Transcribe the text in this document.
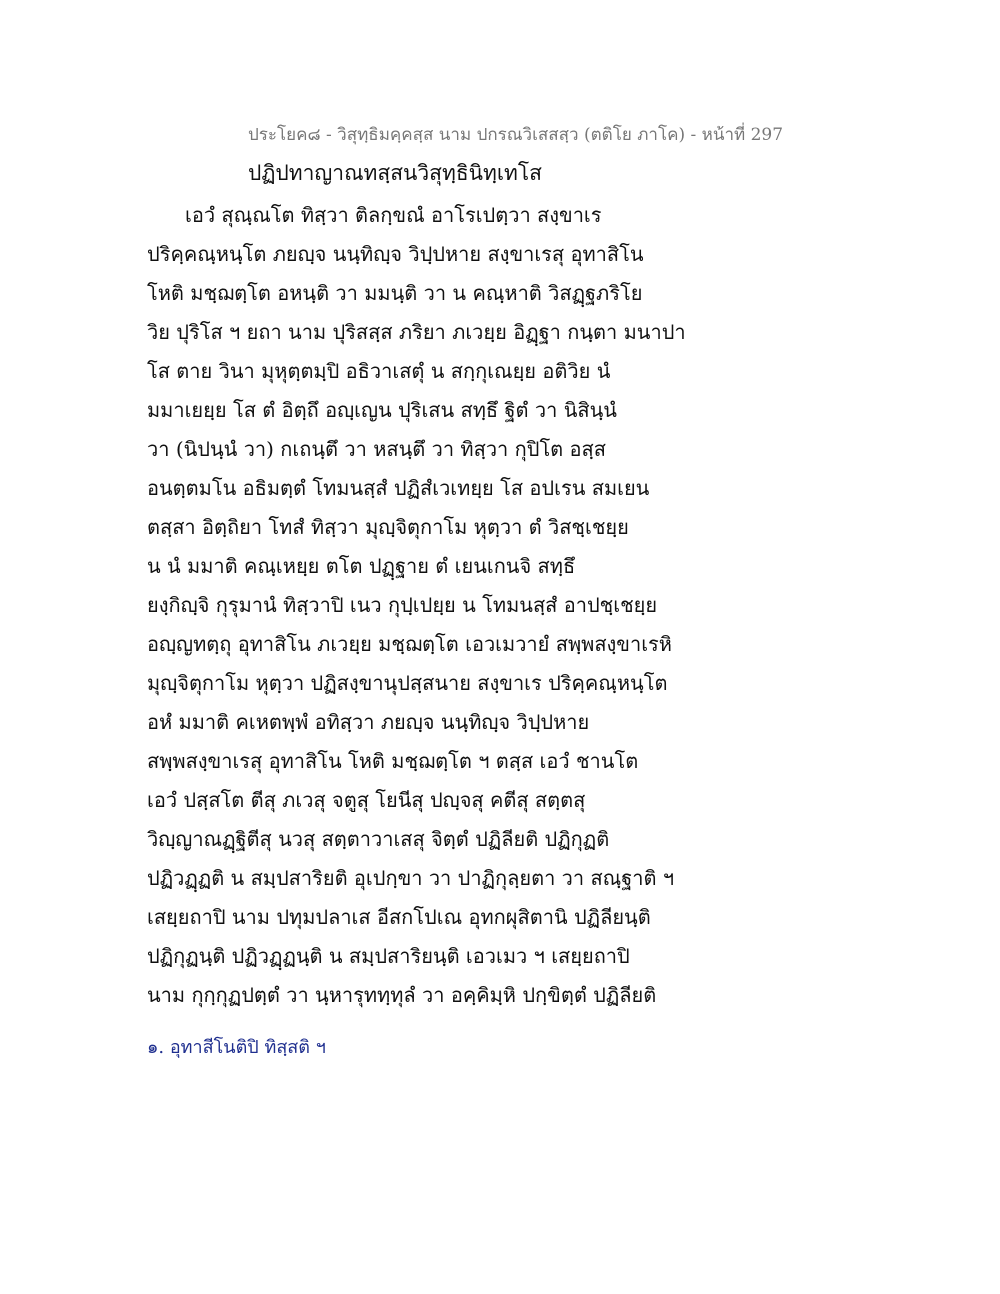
ประโยค๘ - วิสุทฺธิมคฺคสฺส นาม ปกรณวิเสสสฺว (ตติโย ภาโค) - หน้าที่ 297
ปฏิปทาญาณทสฺสนวิสุทฺธินิทฺเทโส
เอวํ สุณฺณโต ทิสฺวา ติลกฺขณํ อาโรเปตฺวา สงฺขาเร
ปริคฺคณฺหนฺโต ภยญฺจ นนฺทิญฺจ วิปฺปหาย สงฺขาเรสุ อุทาสิโน
โหติ มชฺฌตฺโต อหนฺติ วา มมนฺติ วา น คณฺหาติ วิสฏฺฐภริโย
วิย ปุริโส ฯ ยถา นาม ปุริสสฺส ภริยา ภเวยฺย อิฏฺฐา กนฺตา มนาปา
โส ตาย วินา มุหุตฺตมฺปิ อธิวาเสตุํ น สกฺกุเณยฺย อติวิย นํ
มมาเยยฺย โส ตํ อิตฺถึ อญฺเญน ปุริเสน สทฺธึ ฐิตํ วา นิสินฺนํ
วา (นิปนฺนํ วา) กเถนฺตึ วา หสนฺตึ วา ทิสฺวา กุปิโต อสฺส
อนตฺตมโน อธิมตฺตํ โทมนสฺสํ ปฏิสํเวเทยฺย โส อปเรน สมเยน
ตสฺสา อิตฺถิยา โทสํ ทิสฺวา มุญฺจิตุกาโม หุตฺวา ตํ วิสชฺเชยฺย
น นํ มมาติ คณฺเหยฺย ตโต ปฏฺฐาย ตํ เยนเกนจิ สทฺธึ
ยงฺกิญฺจิ กุรุมานํ ทิสฺวาปิ เนว กุปฺเปยฺย น โทมนสฺสํ อาปชฺเชยฺย
อญฺญทตฺถุ อุทาสิโน ภเวยฺย มชฺฌตฺโต เอวเมวายํ สพฺพสงฺขาเรหิ
มุญฺจิตุกาโม หุตฺวา ปฏิสงฺขานุปสฺสนาย สงฺขาเร ปริคฺคณฺหนฺโต
อหํ มมาติ คเหตพฺพํ อทิสฺวา ภยญฺจ นนฺทิญฺจ วิปฺปหาย
สพฺพสงฺขาเรสุ อุทาสิโน โหติ มชฺฌตฺโต ฯ ตสฺส เอวํ ชานโต
เอวํ ปสฺสโต ตีสุ ภเวสุ จตูสุ โยนีสุ ปญฺจสุ คตีสุ สตฺตสุ
วิญฺญาณฏฺฐิตีสุ นวสุ สตฺตาวาเสสุ จิตฺตํ ปฏิลียติ ปฏิกุฏติ
ปฏิวฏฺฏติ น สมฺปสาริยติ อุเปกฺขา วา ปาฏิกุลฺยตา วา สณฺฐาติ ฯ
เสยฺยถาปิ นาม ปทุมปลาเส อีสกโปเณ อุทกผุสิตานิ ปฏิลียนฺติ
ปฏิกุฏนฺติ ปฏิวฏฺฏนฺติ น สมฺปสาริยนฺติ เอวเมว ฯ เสยฺยถาปิ
นาม กุกฺกุฏปตฺตํ วา นฺหารุททฺทุลํ วา อคฺคิมฺหิ ปกฺขิตฺตํ ปฏิลียติ
๑. อุทาสีโนติปิ ทิสฺสติ ฯ
